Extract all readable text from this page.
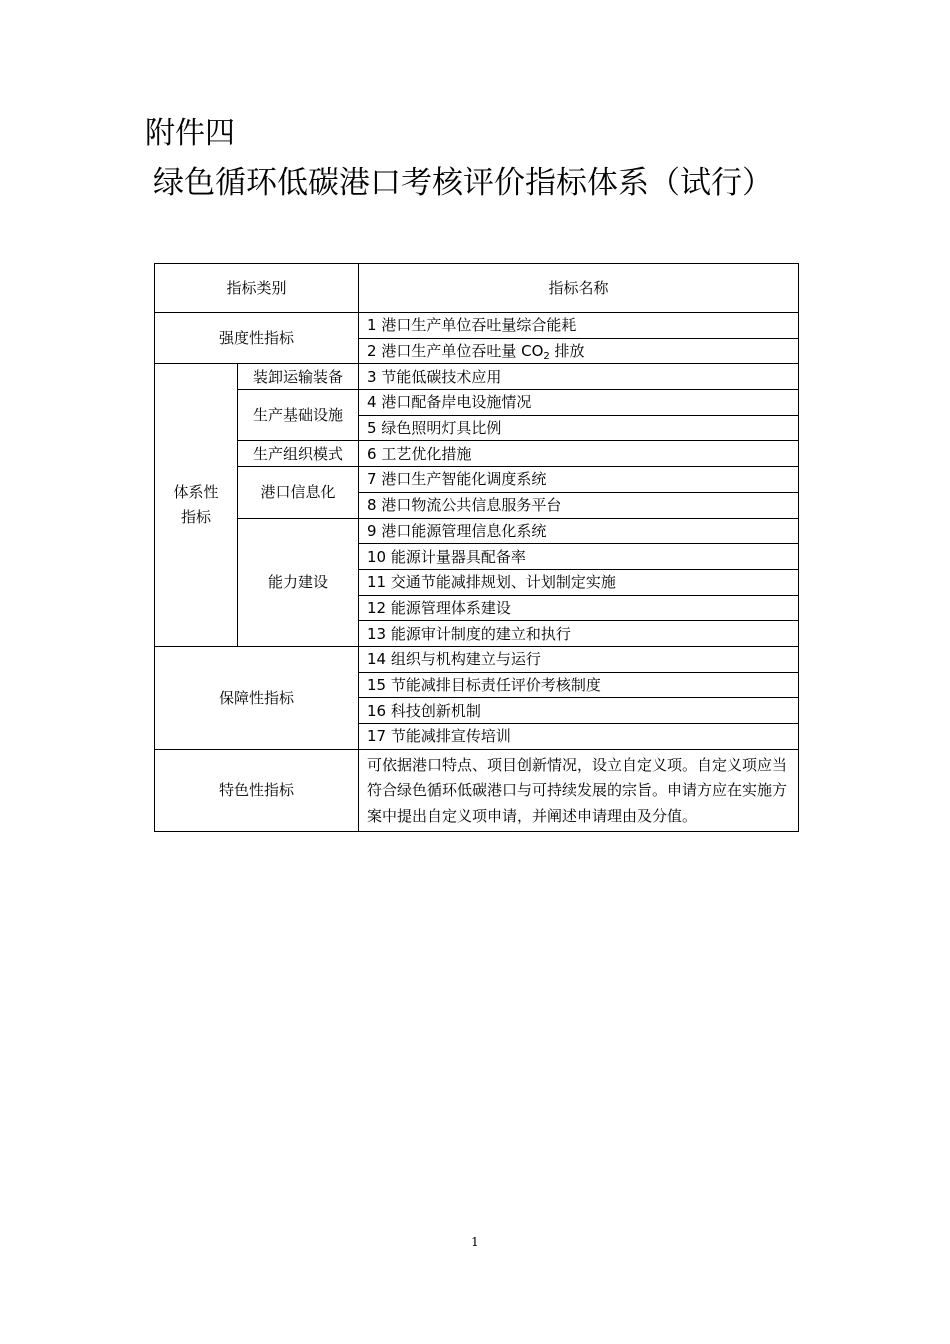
附件四
绿色循环低碳港口考核评价指标体系（试行）
指标类别		指标名称
强度性指标		1 港口生产单位吞吐量综合能耗
		2 港口生产单位吞吐量 $CO_2$ 排放

体系性指标	装卸运输装备	3 节能低碳技术应用
	生产基础设施	4 港口配备岸电设施情况
		5 绿色照明灯具比例
	生产组织模式	6 工艺优化措施
	港口信息化	7 港口生产智能化调度系统
		8 港口物流公共信息服务平台
	能力建设	9 港口能源管理信息化系统
		10 能源计量器具配备率
		11 交通节能减排规划、计划制定实施
		12 能源管理体系建设
		13 能源审计制度的建立和执行
保障性指标		14 组织与机构建立与运行
		15 节能减排目标责任评价考核制度
		16 科技创新机制
		17 节能减排宣传培训
特色性指标		可依据港口特点、项目创新情况，设立自定义项。自定义项应当符合绿色循环低碳港口与可持续发展的宗旨。申请方应在实施方案中提出自定义项申请，并阐述申请理由及分值。
1
